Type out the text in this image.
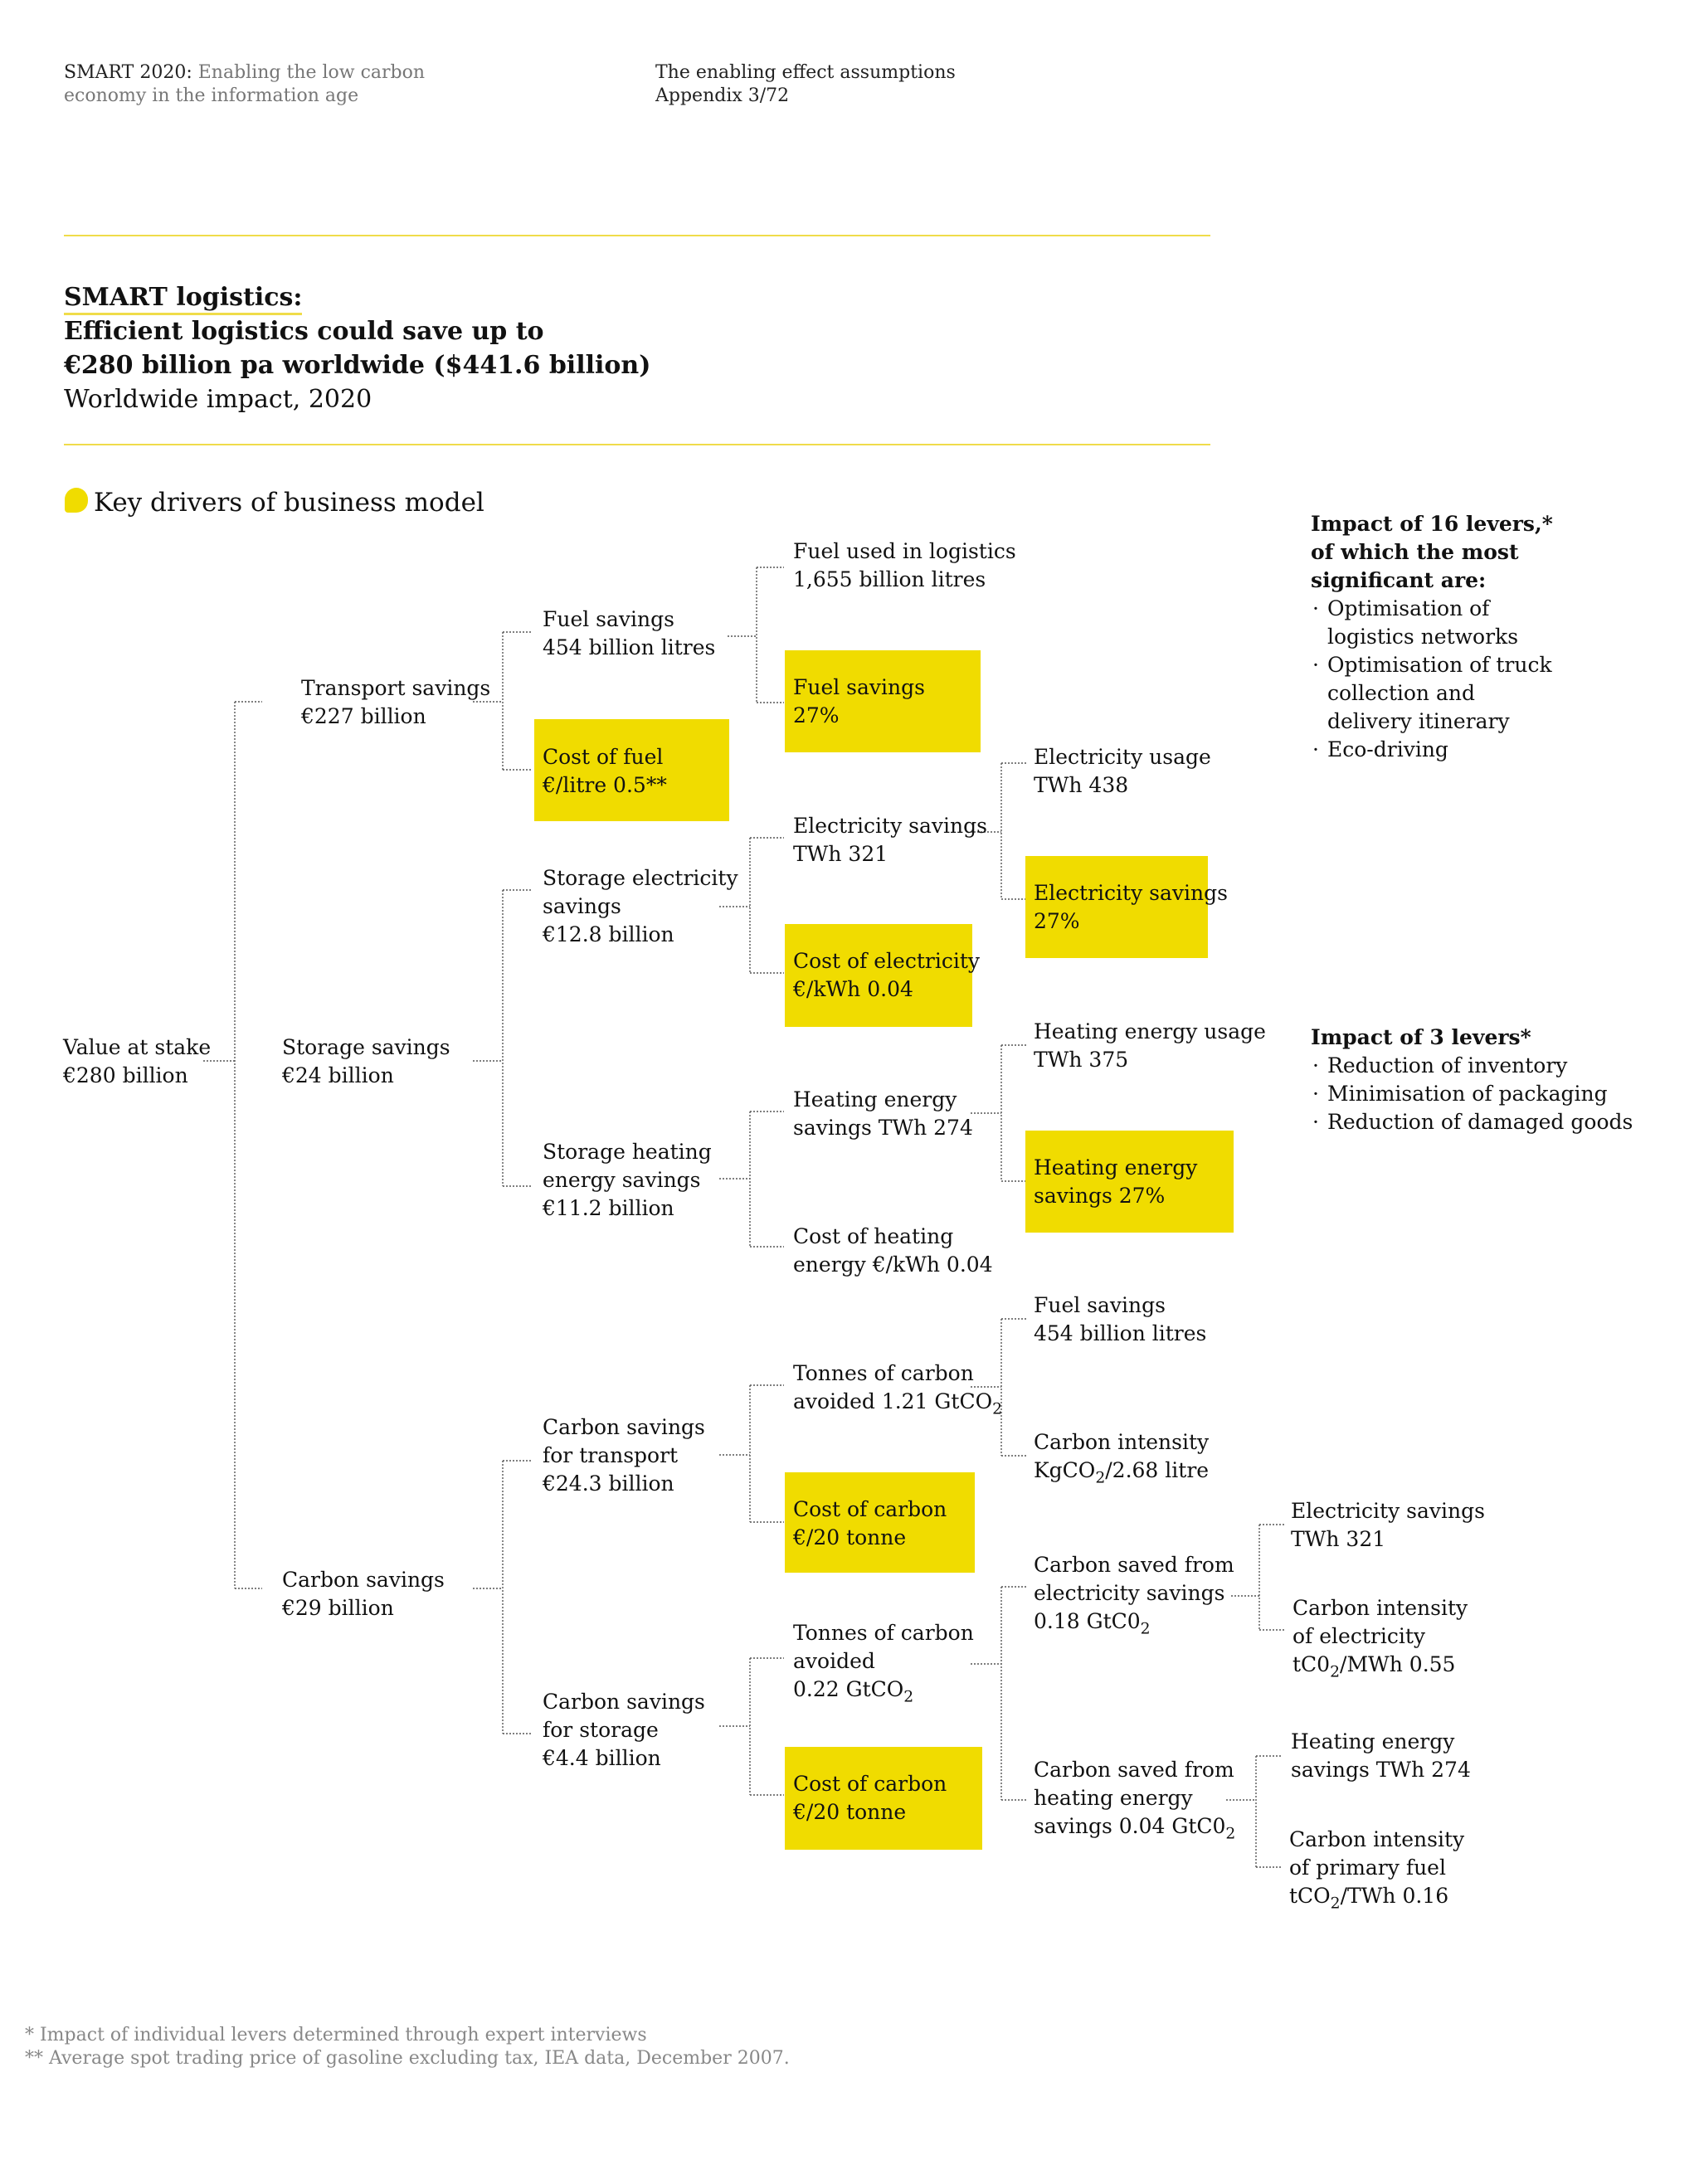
SMART 2020: Enabling the low carbon
economy in the information age
The enabling effect assumptions
Appendix 3/72
SMART logistics:
Efficient logistics could save up to
€280 billion pa worldwide ($441.6 billion)
Worldwide impact, 2020
Key drivers of business model
Value at stake
€280 billion
Transport savings
€227 billion
Storage savings
€24 billion
Carbon savings
€29 billion
Fuel savings
454 billion litres
Cost of fuel
€/litre 0.5**
Storage electricity
savings
€12.8 billion
Storage heating
energy savings
€11.2 billion
Carbon savings
for transport
€24.3 billion
Carbon savings
for storage
€4.4 billion
Fuel used in logistics
1,655 billion litres
Fuel savings
27%
Electricity savings
TWh 321
Cost of electricity
€/kWh 0.04
Heating energy
savings TWh 274
Cost of heating
energy €/kWh 0.04
Tonnes of carbon
avoided 1.21 GtCO$_2$
Cost of carbon
€/20 tonne
Tonnes of carbon
avoided
0.22 GtCO$_2$
Cost of carbon
€/20 tonne
Electricity usage
TWh 438
Electricity savings
27%
Heating energy usage
TWh 375
Heating energy
savings 27%
Fuel savings
454 billion litres
Carbon intensity
KgCO$_2$/2.68 litre
Carbon saved from
electricity savings
0.18 $GtC0_2$
Carbon saved from
heating energy
savings 0.04 $GtC0_2$
Electricity savings
TWh 321
Carbon intensity
of electricity
$tC0_2$/MWh 0.55
Heating energy
savings TWh 274
Carbon intensity
of primary fuel
tCO$_2$/TWh 0.16
Impact of 16 levers,*
of which the most
significant are:
· Optimisation of
logistics networks
· Optimisation of truck
collection and
delivery itinerary
· Eco-driving
Impact of 3 levers*
· Reduction of inventory
· Minimisation of packaging
· Reduction of damaged goods
* Impact of individual levers determined through expert interviews
** Average spot trading price of gasoline excluding tax, IEA data, December 2007.
